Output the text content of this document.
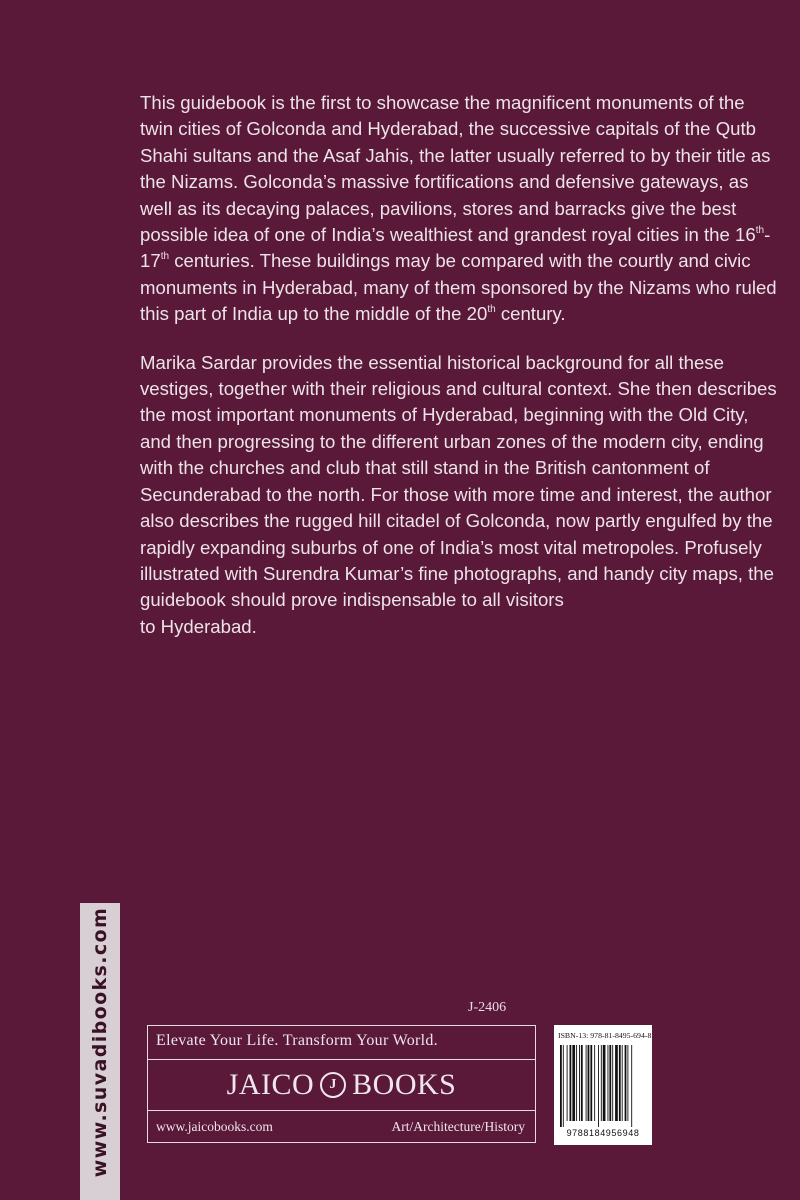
This guidebook is the first to showcase the magnificent monuments of the twin cities of Golconda and Hyderabad, the successive capitals of the Qutb Shahi sultans and the Asaf Jahis, the latter usually referred to by their title as the Nizams. Golconda’s massive fortifications and defensive gateways, as well as its decaying palaces, pavilions, stores and barracks give the best possible idea of one of India’s wealthiest and grandest royal cities in the 16th-17th centuries. These buildings may be compared with the courtly and civic monuments in Hyderabad, many of them sponsored by the Nizams who ruled this part of India up to the middle of the 20th century.

Marika Sardar provides the essential historical background for all these vestiges, together with their religious and cultural context. She then describes the most important monuments of Hyderabad, beginning with the Old City, and then progressing to the different urban zones of the modern city, ending with the churches and club that still stand in the British cantonment of Secunderabad to the north. For those with more time and interest, the author also describes the rugged hill citadel of Golconda, now partly engulfed by the rapidly expanding suburbs of one of India’s most vital metropoles. Profusely illustrated with Surendra Kumar’s fine photographs, and handy city maps, the guidebook should prove indispensable to all visitors
to Hyderabad.

www.suvadibooks.com	J-2406
Elevate Your Life. Transform Your World.
JAICO J BOOKS
www.jaicobooks.com	Art/Architecture/History
ISBN-13: 978-81-8495-694-8
9788184956948
